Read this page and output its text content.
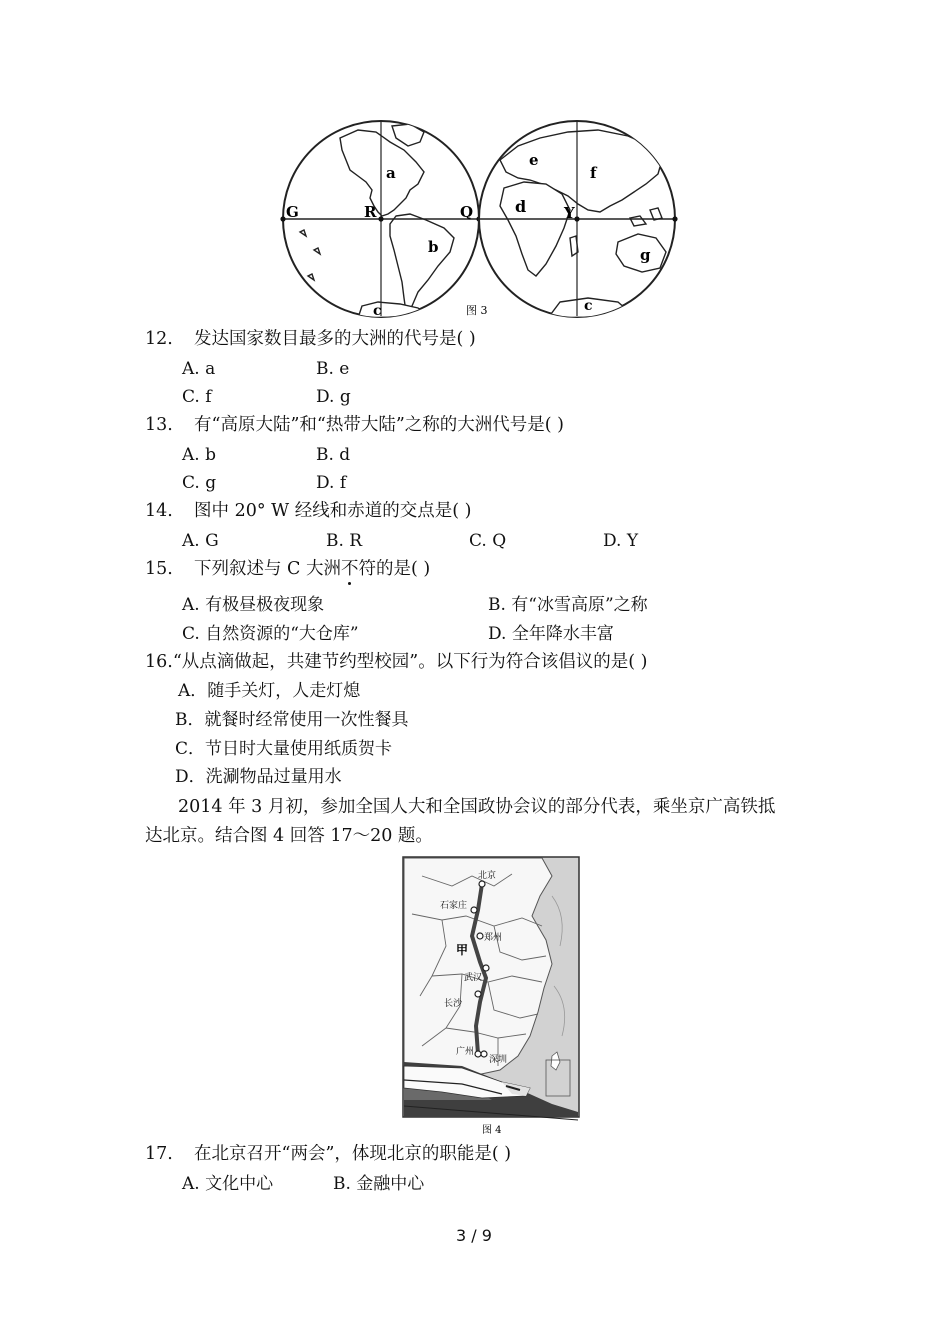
a
b
c
G	R
e
f
d
g
c
Q	Y
图 3
12. 发达国家数目最多的大洲的代号是( )
A. a	B. e
C. f	D. g
13. 有“高原大陆”和“热带大陆”之称的大洲代号是( )
A. b	B. d
C. g	D. f
14. 图中 20° W 经线和赤道的交点是( )
A. G	B. R	C. Q	D. Y
15. 下列叙述与 C 大洲不符的是( )
A. 有极昼极夜现象	B. 有“冰雪高原”之称
C. 自然资源的“大仓库”	D. 全年降水丰富
16.“从点滴做起，共建节约型校园”。以下行为符合该倡议的是( )
A．随手关灯，人走灯熄
B．就餐时经常使用一次性餐具
C．节日时大量使用纸质贺卡
D．洗涮物品过量用水
2014 年 3 月初，参加全国人大和全国政协会议的部分代表，乘坐京广高铁抵
达北京。结合图 4 回答 17～20 题。
北京
石家庄
郑州
武汉
长沙
广州
深圳
甲
图 4
17. 在北京召开“两会”，体现北京的职能是( )
A. 文化中心	B. 金融中心
3 / 9
